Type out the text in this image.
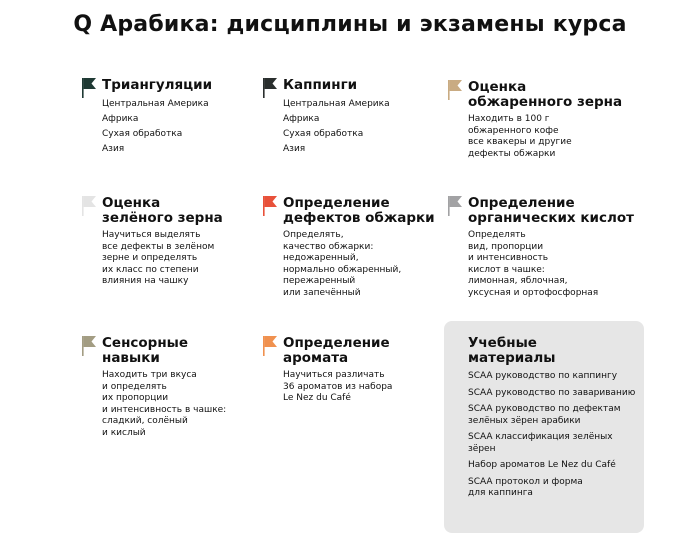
Q Арабика: дисциплины и экзамены курса
Триангуляции
Центральная Америка
Африка
Сухая обработка
Азия
Каппинги
Центральная Америка
Африка
Сухая обработка
Азия
Оценка
обжаренного зерна
Находить в 100 г
обжаренного кофе
все квакеры и другие
дефекты обжарки
Оценка
зелёного зерна
Научиться выделять
все дефекты в зелёном
зерне и определять
их класс по степени
влияния на чашку
Определение
дефектов обжарки
Определять,
качество обжарки:
недожаренный,
нормально обжаренный,
пережаренный
или запечённый
Определение
органических кислот
Определять
вид, пропорции
и интенсивность
кислот в чашке:
лимонная, яблочная,
уксусная и ортофосфорная
Сенсорные
навыки
Находить три вкуса
и определять
их пропорции
и интенсивность в чашке:
сладкий, солёный
и кислый
Определение
аромата
Научиться различать
36 ароматов из набора
Le Nez du Café
Учебные
материалы
SCAA руководство по каппингу
SCAA руководство по завариванию
SCAA руководство по дефектам
зелёных зёрен арабики
SCAA классификация зелёных зёрен
Набор ароматов Le Nez du Café
SCAA протокол и форма
для каппинга
